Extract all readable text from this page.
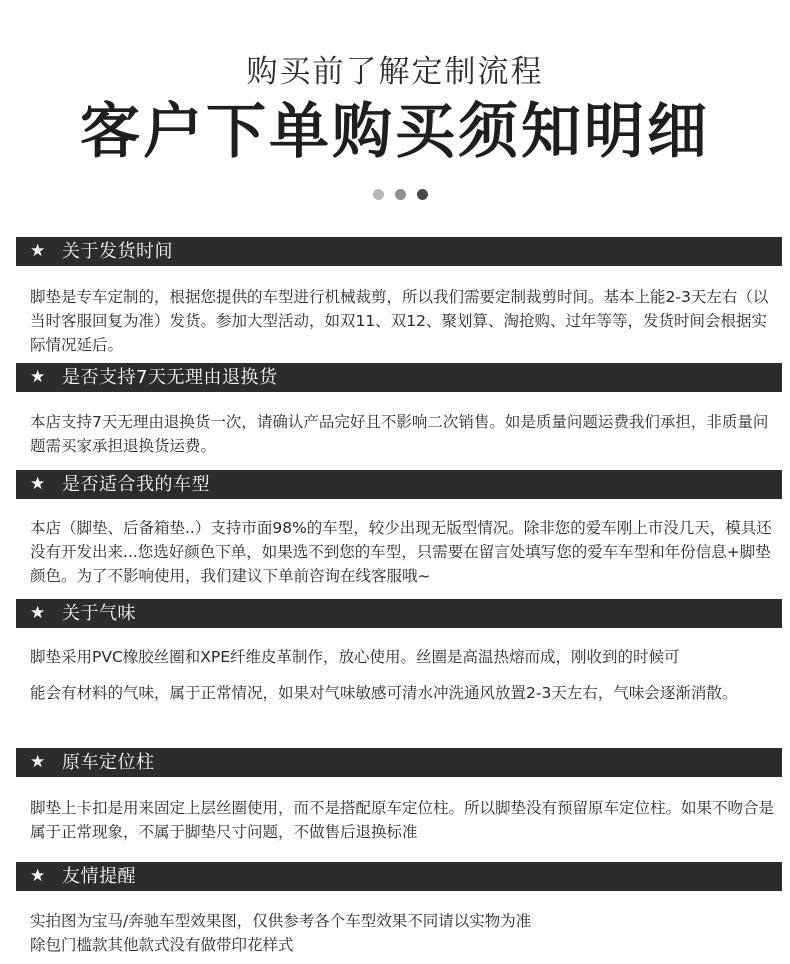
购买前了解定制流程
客户下单购买须知明细
★ 关于发货时间

脚垫是专车定制的，根据您提供的车型进行机械裁剪，所以我们需要定制裁剪时间。基本上能2-3天左右（以当时客服回复为准）发货。参加大型活动，如双11、双12、聚划算、淘抢购、过年等等，发货时间会根据实际情况延后。

★ 是否支持7天无理由退换货

本店支持7天无理由退换货一次，请确认产品完好且不影响二次销售。如是质量问题运费我们承担，非质量问题需买家承担退换货运费。

★ 是否适合我的车型

本店（脚垫、后备箱垫..）支持市面98%的车型，较少出现无版型情况。除非您的爱车刚上市没几天，模具还没有开发出来...您选好颜色下单，如果选不到您的车型，只需要在留言处填写您的爱车车型和年份信息+脚垫颜色。为了不影响使用，我们建议下单前咨询在线客服哦~

★ 关于气味

脚垫采用PVC橡胶丝圈和XPE纤维皮革制作，放心使用。丝圈是高温热熔而成，刚收到的时候可

能会有材料的气味，属于正常情况，如果对气味敏感可清水冲洗通风放置2-3天左右，气味会逐渐消散。

★ 原车定位柱

脚垫上卡扣是用来固定上层丝圈使用，而不是搭配原车定位柱。所以脚垫没有预留原车定位柱。如果不吻合是属于正常现象，不属于脚垫尺寸问题，不做售后退换标准

★ 友情提醒

实拍图为宝马/奔驰车型效果图，仅供参考各个车型效果不同请以实物为准

除包门槛款其他款式没有做带印花样式
